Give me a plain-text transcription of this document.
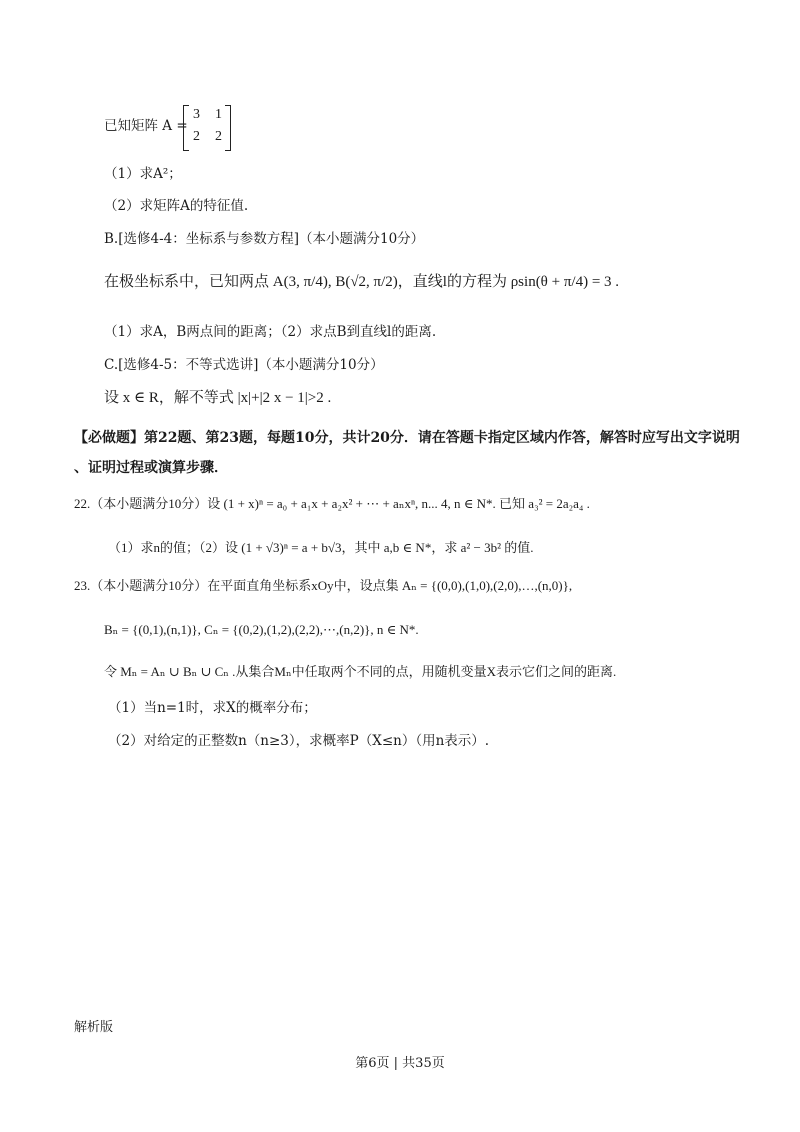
已知矩阵 A =
3 1
2 2
（1）求A²；
（2）求矩阵A的特征值.
B.[选修4-4：坐标系与参数方程]（本小题满分10分）
在极坐标系中，已知两点 A(3, π/4), B(√2, π/2)，直线l的方程为 ρsin(θ + π/4) = 3 .
（1）求A，B两点间的距离；（2）求点B到直线l的距离.
C.[选修4-5：不等式选讲]（本小题满分10分）
设 x ∈ R，解不等式 |x|+|2 x − 1|>2 .
【必做题】第22题、第23题，每题10分，共计20分．请在答题卡指定区域内作答，解答时应写出文字说明
、证明过程或演算步骤．
22.（本小题满分10分）设 (1 + x)ⁿ = a₀ + a₁x + a₂x² + ⋯ + aₙxⁿ, n... 4, n ∈ N*. 已知 a₃² = 2a₂a₄ .
（1）求n的值；（2）设 (1 + √3)ⁿ = a + b√3，其中 a,b ∈ N*，求 a² − 3b² 的值.
23.（本小题满分10分）在平面直角坐标系xOy中，设点集 Aₙ = {(0,0),(1,0),(2,0),…,(n,0)},
Bₙ = {(0,1),(n,1)}, Cₙ = {(0,2),(1,2),(2,2),⋯,(n,2)}, n ∈ N*.
令 Mₙ = Aₙ ∪ Bₙ ∪ Cₙ .从集合Mₙ中任取两个不同的点，用随机变量X表示它们之间的距离.
（1）当n=1时，求X的概率分布；
（2）对给定的正整数n（n≥3），求概率P（X≤n）（用n表示）.
解析版
第6页 | 共35页
